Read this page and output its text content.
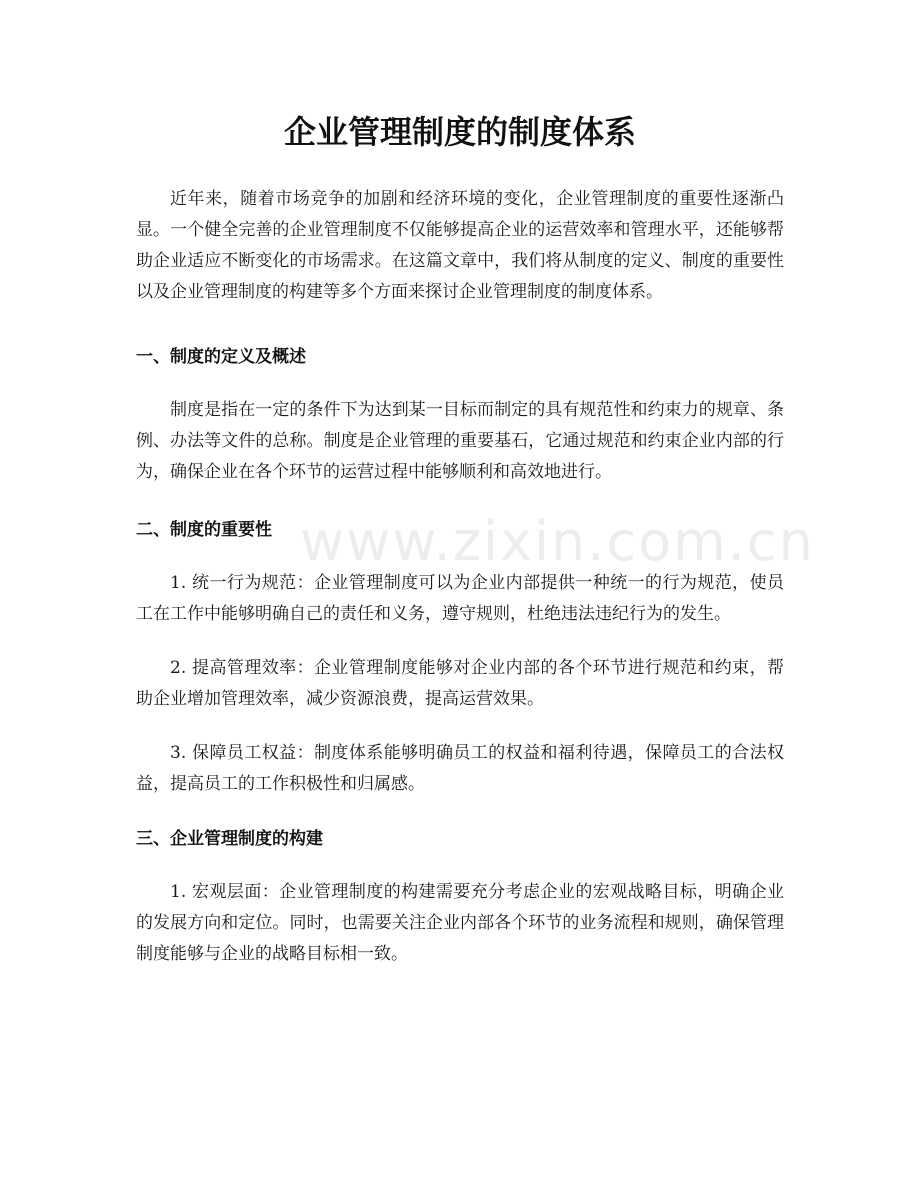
www.zixin.com.cn
企业管理制度的制度体系

近年来，随着市场竞争的加剧和经济环境的变化，企业管理制度的重要性逐渐凸显。一个健全完善的企业管理制度不仅能够提高企业的运营效率和管理水平，还能够帮助企业适应不断变化的市场需求。在这篇文章中，我们将从制度的定义、制度的重要性以及企业管理制度的构建等多个方面来探讨企业管理制度的制度体系。

一、制度的定义及概述

制度是指在一定的条件下为达到某一目标而制定的具有规范性和约束力的规章、条例、办法等文件的总称。制度是企业管理的重要基石，它通过规范和约束企业内部的行为，确保企业在各个环节的运营过程中能够顺利和高效地进行。

二、制度的重要性

1. 统一行为规范：企业管理制度可以为企业内部提供一种统一的行为规范，使员工在工作中能够明确自己的责任和义务，遵守规则，杜绝违法违纪行为的发生。

2. 提高管理效率：企业管理制度能够对企业内部的各个环节进行规范和约束，帮助企业增加管理效率，减少资源浪费，提高运营效果。

3. 保障员工权益：制度体系能够明确员工的权益和福利待遇，保障员工的合法权益，提高员工的工作积极性和归属感。

三、企业管理制度的构建

1. 宏观层面：企业管理制度的构建需要充分考虑企业的宏观战略目标，明确企业的发展方向和定位。同时，也需要关注企业内部各个环节的业务流程和规则，确保管理制度能够与企业的战略目标相一致。
